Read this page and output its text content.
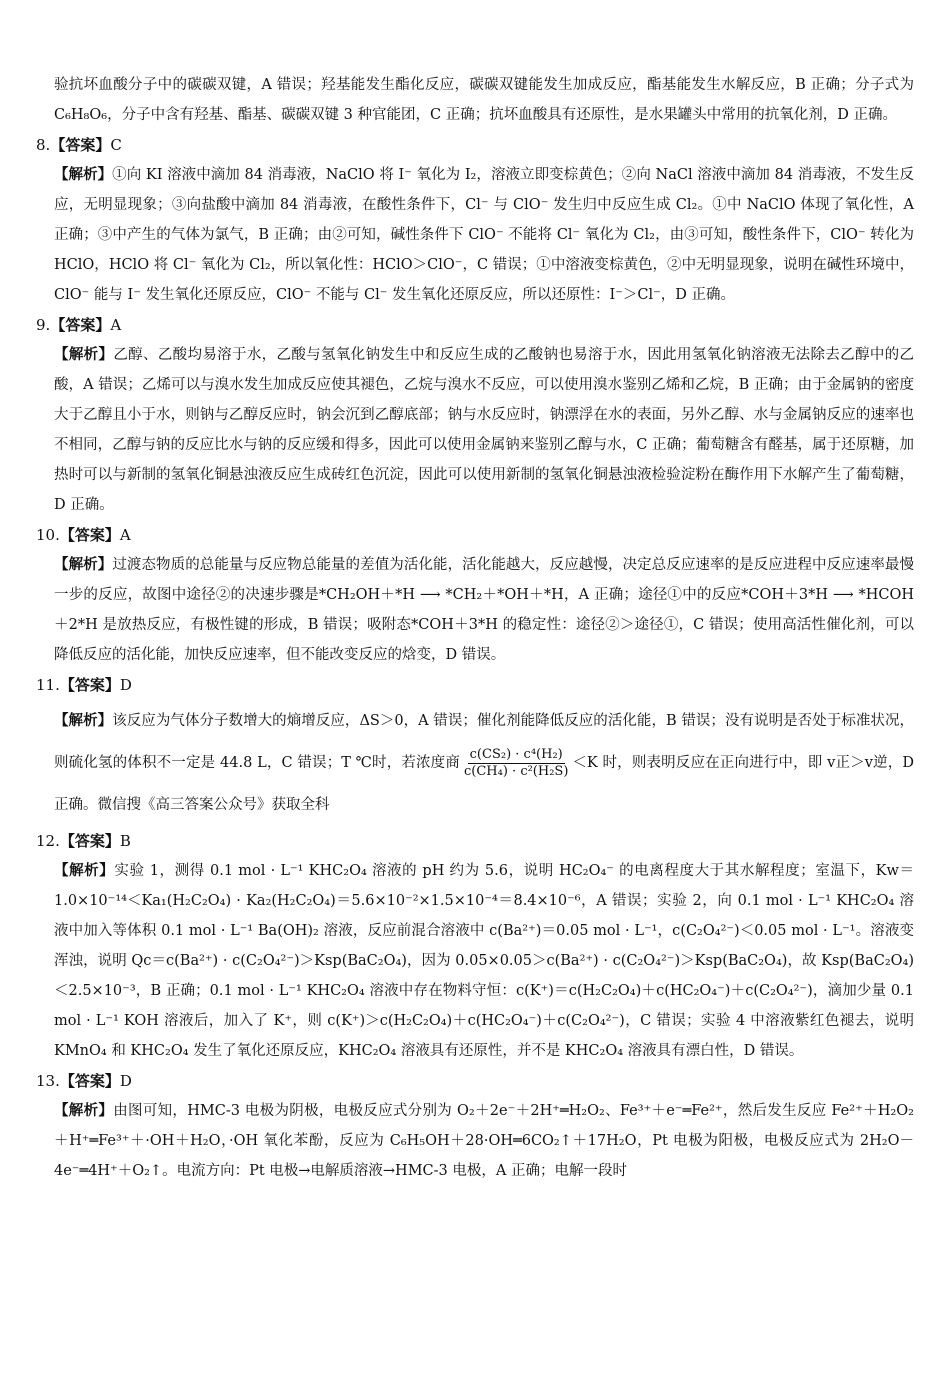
验抗坏血酸分子中的碳碳双键，A 错误；羟基能发生酯化反应，碳碳双键能发生加成反应，酯基能发生水解反应，B 正确；分子式为 C₆H₈O₆，分子中含有羟基、酯基、碳碳双键 3 种官能团，C 正确；抗坏血酸具有还原性，是水果罐头中常用的抗氧化剂，D 正确。

8.【答案】C

【解析】①向 KI 溶液中滴加 84 消毒液，NaClO 将 I⁻ 氧化为 I₂，溶液立即变棕黄色；②向 NaCl 溶液中滴加 84 消毒液，不发生反应，无明显现象；③向盐酸中滴加 84 消毒液，在酸性条件下，Cl⁻ 与 ClO⁻ 发生归中反应生成 Cl₂。①中 NaClO 体现了氧化性，A 正确；③中产生的气体为氯气，B 正确；由②可知，碱性条件下 ClO⁻ 不能将 Cl⁻ 氧化为 Cl₂，由③可知，酸性条件下，ClO⁻ 转化为 HClO，HClO 将 Cl⁻ 氧化为 Cl₂，所以氧化性：HClO＞ClO⁻，C 错误；①中溶液变棕黄色，②中无明显现象，说明在碱性环境中，ClO⁻ 能与 I⁻ 发生氧化还原反应，ClO⁻ 不能与 Cl⁻ 发生氧化还原反应，所以还原性：I⁻＞Cl⁻，D 正确。

9.【答案】A

【解析】乙醇、乙酸均易溶于水，乙酸与氢氧化钠发生中和反应生成的乙酸钠也易溶于水，因此用氢氧化钠溶液无法除去乙醇中的乙酸，A 错误；乙烯可以与溴水发生加成反应使其褪色，乙烷与溴水不反应，可以使用溴水鉴别乙烯和乙烷，B 正确；由于金属钠的密度大于乙醇且小于水，则钠与乙醇反应时，钠会沉到乙醇底部；钠与水反应时，钠漂浮在水的表面，另外乙醇、水与金属钠反应的速率也不相同，乙醇与钠的反应比水与钠的反应缓和得多，因此可以使用金属钠来鉴别乙醇与水，C 正确；葡萄糖含有醛基，属于还原糖，加热时可以与新制的氢氧化铜悬浊液反应生成砖红色沉淀，因此可以使用新制的氢氧化铜悬浊液检验淀粉在酶作用下水解产生了葡萄糖，D 正确。

10.【答案】A

【解析】过渡态物质的总能量与反应物总能量的差值为活化能，活化能越大，反应越慢，决定总反应速率的是反应进程中反应速率最慢一步的反应，故图中途径②的决速步骤是*CH₂OH＋*H ⟶ *CH₂＋*OH＋*H，A 正确；途径①中的反应*COH＋3*H ⟶ *HCOH＋2*H 是放热反应，有极性键的形成，B 错误；吸附态*COH＋3*H 的稳定性：途径②＞途径①，C 错误；使用高活性催化剂，可以降低反应的活化能，加快反应速率，但不能改变反应的焓变，D 错误。

11.【答案】D

【解析】该反应为气体分子数增大的熵增反应，ΔS＞0，A 错误；催化剂能降低反应的活化能，B 错误；没有说明是否处于标准状况，则硫化氢的体积不一定是 44.8 L，C 错误；T ℃时，若浓度商 $\frac{\text{c(CS₂) · c⁴(H₂)}}{\text{c(CH₄) · c²(H₂S)}} <K$ 时，则表明反应在正向进行中，即 v正＞v逆，D 正确。微信搜《高三答案公众号》获取全科

12.【答案】B

【解析】实验 1，测得 0.1 mol · L⁻¹ KHC₂O₄ 溶液的 pH 约为 5.6，说明 HC₂O₄⁻ 的电离程度大于其水解程度；室温下，Kw＝1.0×10⁻¹⁴＜Ka₁(H₂C₂O₄) · Ka₂(H₂C₂O₄)＝5.6×10⁻²×1.5×10⁻⁴＝8.4×10⁻⁶，A 错误；实验 2，向 0.1 mol · L⁻¹ KHC₂O₄ 溶液中加入等体积 0.1 mol · L⁻¹ Ba(OH)₂ 溶液，反应前混合溶液中 c(Ba²⁺)＝0.05 mol · L⁻¹，c(C₂O₄²⁻)＜0.05 mol · L⁻¹。溶液变浑浊，说明 Qc＝c(Ba²⁺) · c(C₂O₄²⁻)＞Ksp(BaC₂O₄)，因为 0.05×0.05＞c(Ba²⁺) · c(C₂O₄²⁻)＞Ksp(BaC₂O₄)，故 Ksp(BaC₂O₄)＜2.5×10⁻³，B 正确；0.1 mol · L⁻¹ KHC₂O₄ 溶液中存在物料守恒：c(K⁺)＝c(H₂C₂O₄)＋c(HC₂O₄⁻)＋c(C₂O₄²⁻)，滴加少量 0.1 mol · L⁻¹ KOH 溶液后，加入了 K⁺，则 c(K⁺)＞c(H₂C₂O₄)＋c(HC₂O₄⁻)＋c(C₂O₄²⁻)，C 错误；实验 4 中溶液紫红色褪去，说明 KMnO₄ 和 KHC₂O₄ 发生了氧化还原反应，KHC₂O₄ 溶液具有还原性，并不是 KHC₂O₄ 溶液具有漂白性，D 错误。

13.【答案】D

【解析】由图可知，HMC-3 电极为阴极，电极反应式分别为 O₂＋2e⁻＋2H⁺═H₂O₂、Fe³⁺＋e⁻═Fe²⁺，然后发生反应 Fe²⁺＋H₂O₂＋H⁺═Fe³⁺＋·OH＋H₂O，·OH 氧化苯酚，反应为 C₆H₅OH＋28·OH═6CO₂↑＋17H₂O，Pt 电极为阳极，电极反应式为 2H₂O－4e⁻═4H⁺＋O₂↑。电流方向：Pt 电极→电解质溶液→HMC-3 电极，A 正确；电解一段时
